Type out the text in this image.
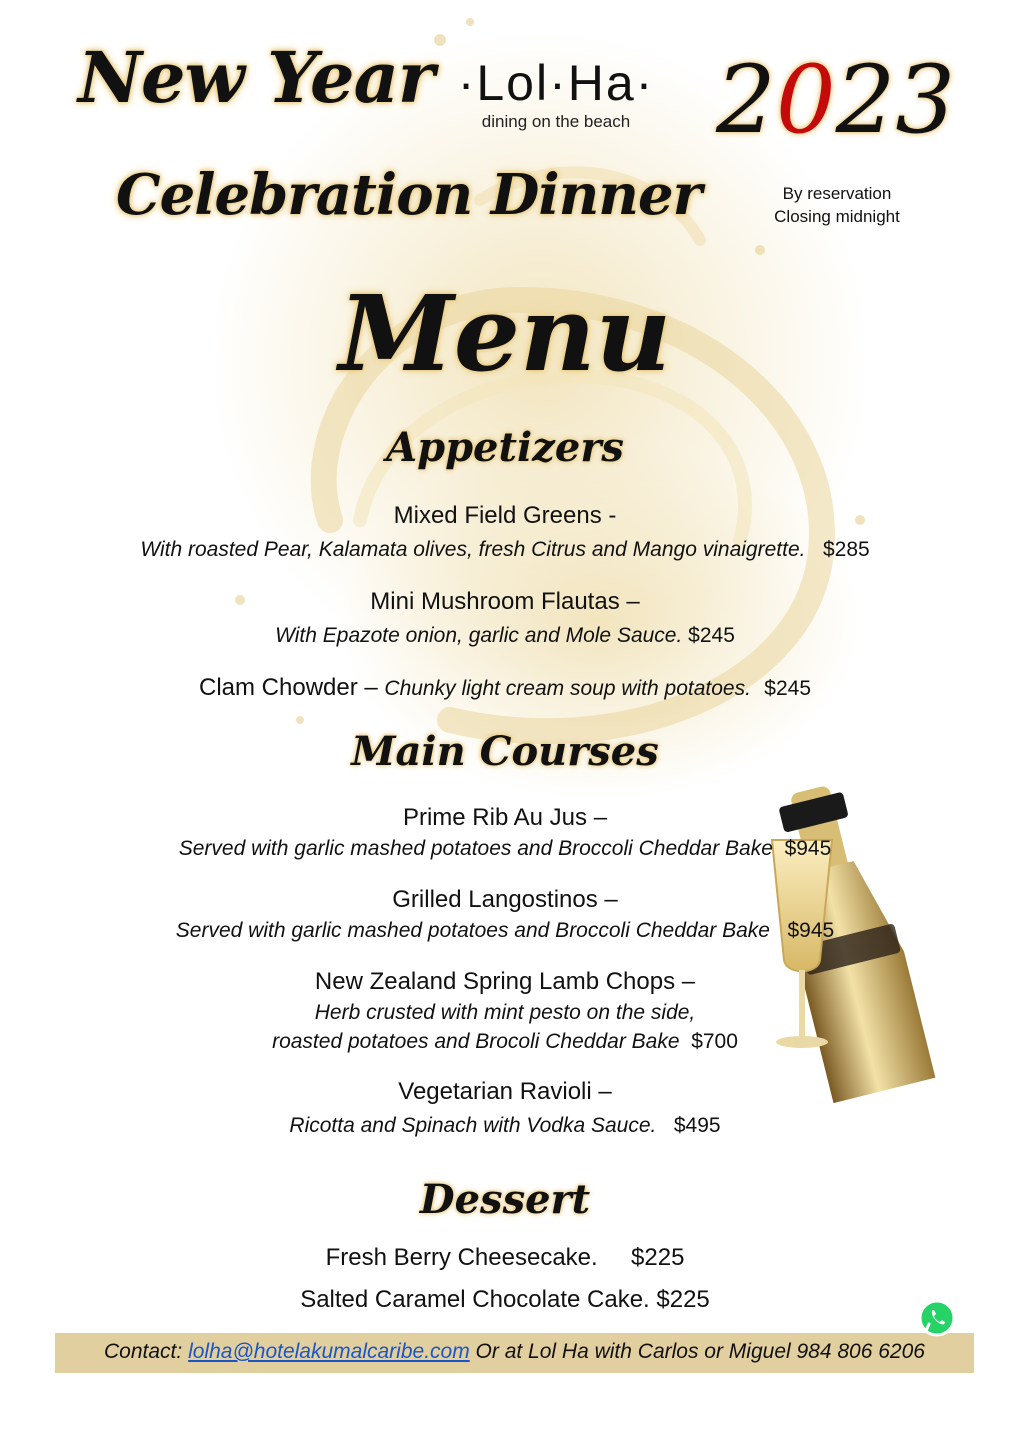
New Year
Celebration Dinner
·Lol·Ha·
dining on the beach 2023
By reservation
Closing midnight
Menu
Appetizers
Mixed Field Greens -
With roasted Pear, Kalamata olives, fresh Citrus and Mango vinaigrette. $285
Mini Mushroom Flautas –
With Epazote onion, garlic and Mole Sauce. $245
Clam Chowder – Chunky light cream soup with potatoes. $245
Main Courses
Prime Rib Au Jus –
Served with garlic mashed potatoes and Broccoli Cheddar Bake $945
Grilled Langostinos –
Served with garlic mashed potatoes and Broccoli Cheddar Bake $945
New Zealand Spring Lamb Chops –
Herb crusted with mint pesto on the side,
roasted potatoes and Brocoli Cheddar Bake $700
Vegetarian Ravioli –
Ricotta and Spinach with Vodka Sauce. $495
Dessert
Fresh Berry Cheesecake. $225
Salted Caramel Chocolate Cake. $225
Contact: lolha@hotelakumalcaribe.com Or at Lol Ha with Carlos or Miguel 984 806 6206
